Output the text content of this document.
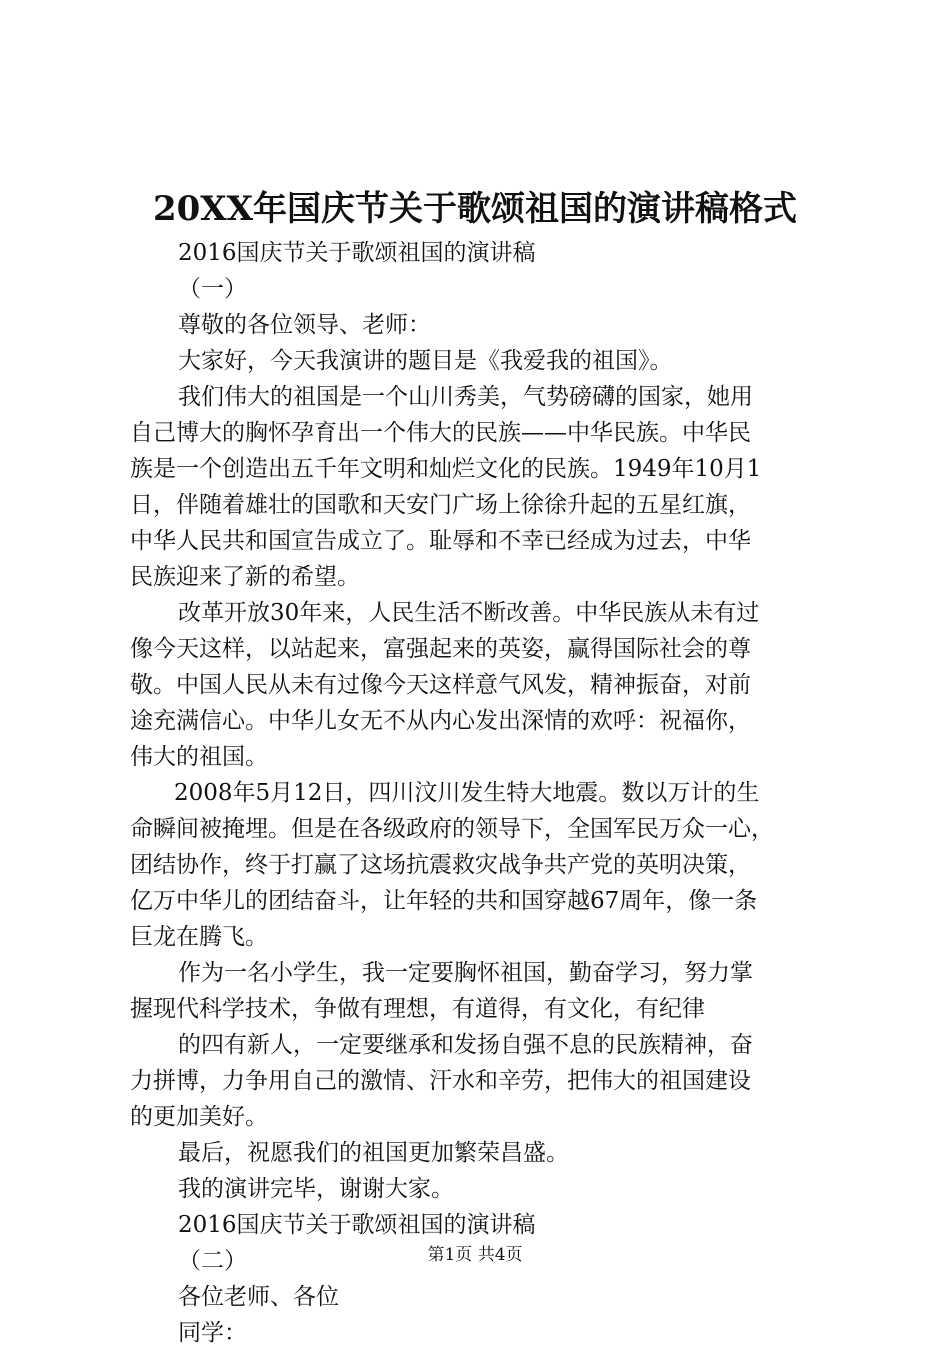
20XX年国庆节关于歌颂祖国的演讲稿格式
2016国庆节关于歌颂祖国的演讲稿
（一）
尊敬的各位领导、老师：
大家好，今天我演讲的题目是《我爱我的祖国》。
我们伟大的祖国是一个山川秀美，气势磅礴的国家，她用
自己博大的胸怀孕育出一个伟大的民族——中华民族。中华民
族是一个创造出五千年文明和灿烂文化的民族。1949年10月1
日，伴随着雄壮的国歌和天安门广场上徐徐升起的五星红旗，
中华人民共和国宣告成立了。耻辱和不幸已经成为过去，中华
民族迎来了新的希望。
改革开放30年来，人民生活不断改善。中华民族从未有过
像今天这样，以站起来，富强起来的英姿，赢得国际社会的尊
敬。中国人民从未有过像今天这样意气风发，精神振奋，对前
途充满信心。中华儿女无不从内心发出深情的欢呼：祝福你，
伟大的祖国。
2008年5月12日，四川汶川发生特大地震。数以万计的生
命瞬间被掩埋。但是在各级政府的领导下，全国军民万众一心，
团结协作，终于打赢了这场抗震救灾战争共产党的英明决策，
亿万中华儿的团结奋斗，让年轻的共和国穿越67周年，像一条
巨龙在腾飞。
作为一名小学生，我一定要胸怀祖国，勤奋学习，努力掌
握现代科学技术，争做有理想，有道得，有文化，有纪律
的四有新人，一定要继承和发扬自强不息的民族精神，奋
力拼博，力争用自己的激情、汗水和辛劳，把伟大的祖国建设
的更加美好。
最后，祝愿我们的祖国更加繁荣昌盛。
我的演讲完毕，谢谢大家。
2016国庆节关于歌颂祖国的演讲稿
（二）
各位老师、各位
同学：
第1页 共4页
